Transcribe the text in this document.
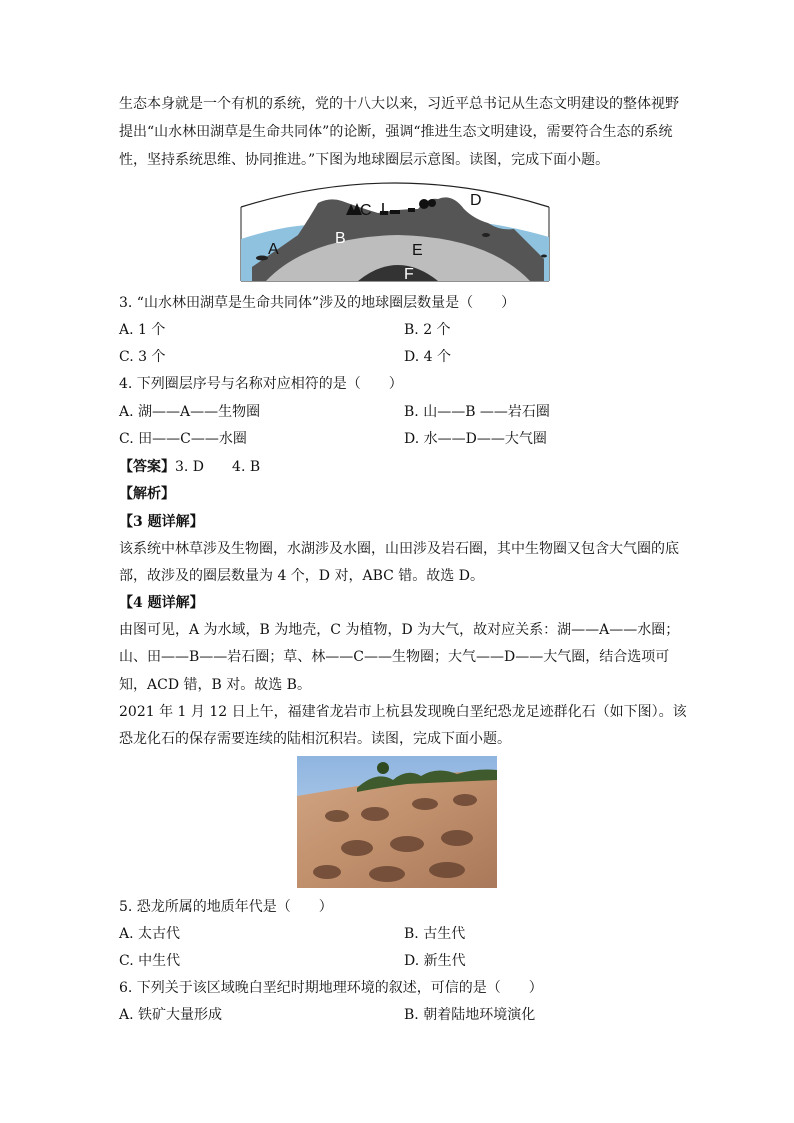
生态本身就是一个有机的系统，党的十八大以来，习近平总书记从生态文明建设的整体视野
提出“山水林田湖草是生命共同体”的论断，强调“推进生态文明建设，需要符合生态的系统
性，坚持系统思维、协同推进。”下图为地球圈层示意图。读图，完成下面小题。
A
B
C
D
E
F
3. “山水林田湖草是生命共同体”涉及的地球圈层数量是（　　）
A. 1 个	B. 2 个
C. 3 个	D. 4 个
4. 下列圈层序号与名称对应相符的是（　　）
A. 湖——A——生物圈	B. 山——B ——岩石圈
C. 田——C——水圈	D. 水——D——大气圈
【答案】3. D　　4. B
【解析】
【3 题详解】
该系统中林草涉及生物圈，水湖涉及水圈，山田涉及岩石圈，其中生物圈又包含大气圈的底
部，故涉及的圈层数量为 4 个，D 对，ABC 错。故选 D。
【4 题详解】
由图可见，A 为水域，B 为地壳，C 为植物，D 为大气，故对应关系：湖——A——水圈；
山、田——B——岩石圈；草、林——C——生物圈；大气——D——大气圈，结合选项可
知，ACD 错，B 对。故选 B。
2021 年 1 月 12 日上午，福建省龙岩市上杭县发现晚白垩纪恐龙足迹群化石（如下图）。该
恐龙化石的保存需要连续的陆相沉积岩。读图，完成下面小题。
5. 恐龙所属的地质年代是（　　）
A. 太古代	B. 古生代
C. 中生代	D. 新生代
6. 下列关于该区域晚白垩纪时期地理环境的叙述，可信的是（　　）
A. 铁矿大量形成	B. 朝着陆地环境演化
